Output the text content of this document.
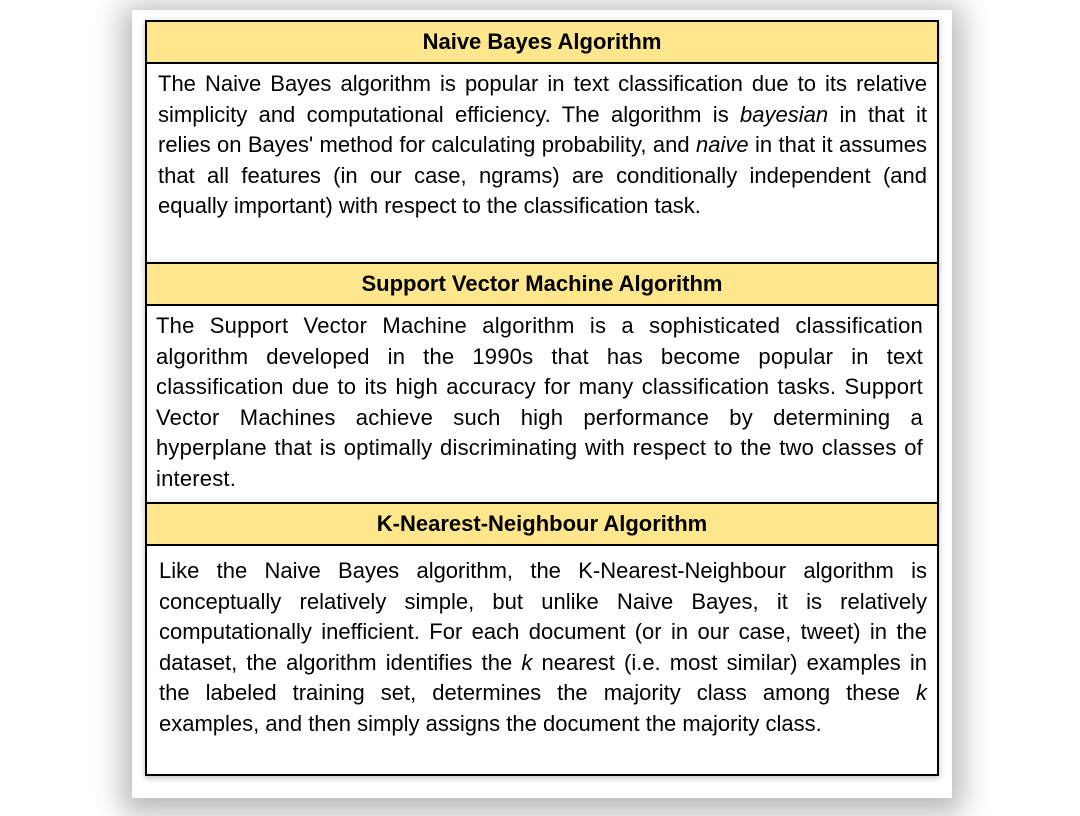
Naive Bayes Algorithm
The Naive Bayes algorithm is popular in text classification due to its relative simplicity and computational efficiency. The algorithm is bayesian in that it relies on Bayes' method for calculating probability, and naive in that it assumes that all features (in our case, ngrams) are conditionally independent (and equally important) with respect to the classification task.
Support Vector Machine Algorithm
The Support Vector Machine algorithm is a sophisticated classification algorithm developed in the 1990s that has become popular in text classification due to its high accuracy for many classification tasks. Support Vector Machines achieve such high performance by determining a hyperplane that is optimally discriminating with respect to the two classes of interest.
K-Nearest-Neighbour Algorithm
Like the Naive Bayes algorithm, the K-Nearest-Neighbour algorithm is conceptually relatively simple, but unlike Naive Bayes, it is relatively computationally inefficient. For each document (or in our case, tweet) in the dataset, the algorithm identifies the k nearest (i.e. most similar) examples in the labeled training set, determines the majority class among these k examples, and then simply assigns the document the majority class.
